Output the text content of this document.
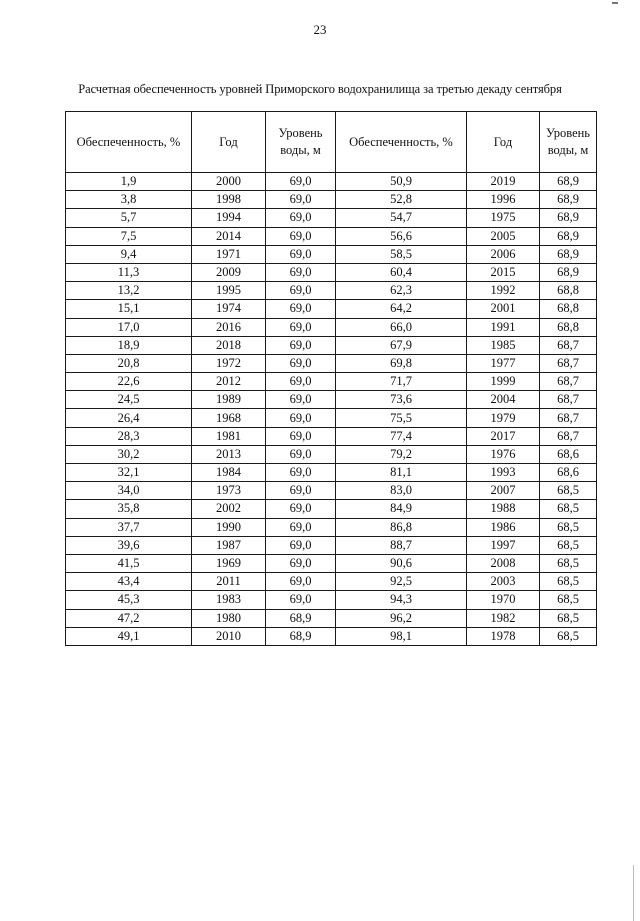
23
Расчетная обеспеченность уровней Приморского водохранилища за третью декаду сентября
Обеспеченность, %	Год	Уровень воды, м	Обеспеченность, %	Год	Уровень воды, м
1,9	2000	69,0	50,9	2019	68,9
3,8	1998	69,0	52,8	1996	68,9
5,7	1994	69,0	54,7	1975	68,9
7,5	2014	69,0	56,6	2005	68,9
9,4	1971	69,0	58,5	2006	68,9
11,3	2009	69,0	60,4	2015	68,9
13,2	1995	69,0	62,3	1992	68,8
15,1	1974	69,0	64,2	2001	68,8
17,0	2016	69,0	66,0	1991	68,8
18,9	2018	69,0	67,9	1985	68,7
20,8	1972	69,0	69,8	1977	68,7
22,6	2012	69,0	71,7	1999	68,7
24,5	1989	69,0	73,6	2004	68,7
26,4	1968	69,0	75,5	1979	68,7
28,3	1981	69,0	77,4	2017	68,7
30,2	2013	69,0	79,2	1976	68,6
32,1	1984	69,0	81,1	1993	68,6
34,0	1973	69,0	83,0	2007	68,5
35,8	2002	69,0	84,9	1988	68,5
37,7	1990	69,0	86,8	1986	68,5
39,6	1987	69,0	88,7	1997	68,5
41,5	1969	69,0	90,6	2008	68,5
43,4	2011	69,0	92,5	2003	68,5
45,3	1983	69,0	94,3	1970	68,5
47,2	1980	68,9	96,2	1982	68,5
49,1	2010	68,9	98,1	1978	68,5
